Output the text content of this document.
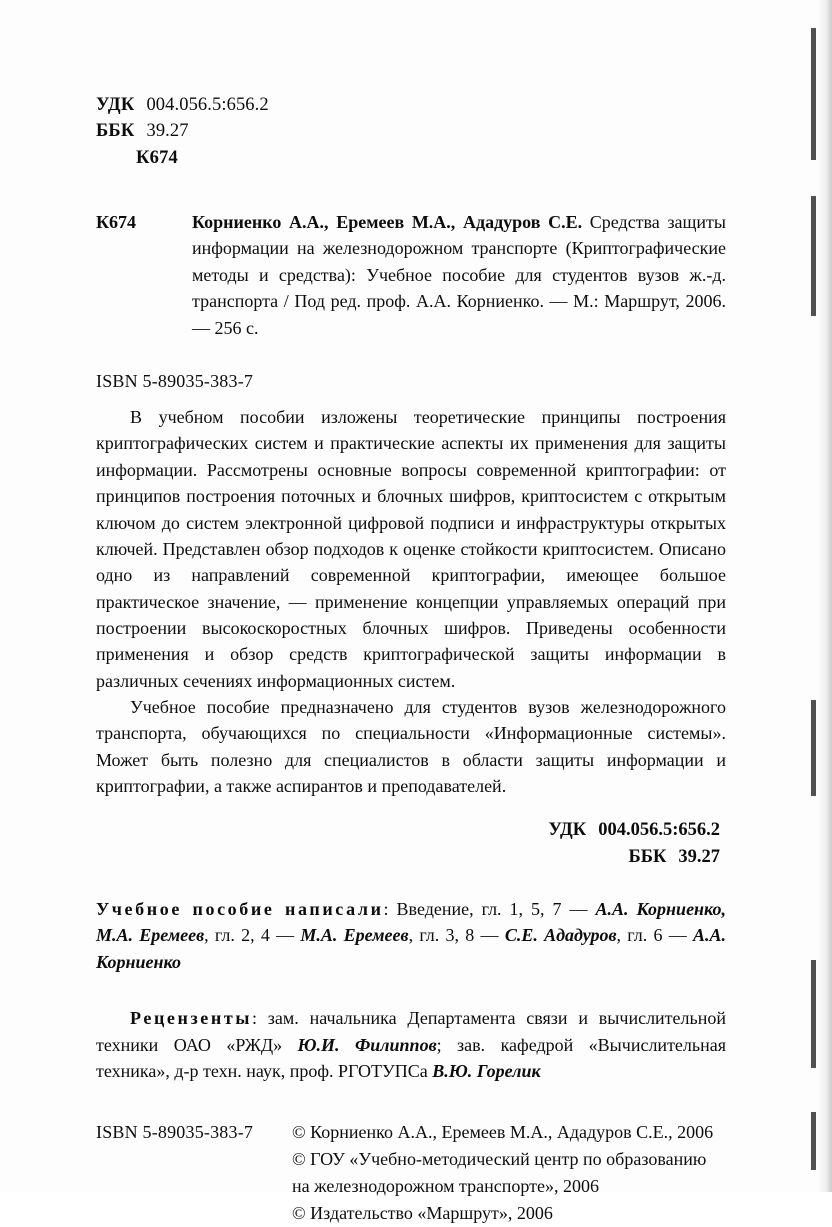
УДК 004.056.5:656.2
ББК 39.27
К674
К674	Корниенко А.А., Еремеев М.А., Ададуров С.Е. Средства защиты информации на железнодорожном транспорте (Криптографические методы и средства): Учебное пособие для студентов вузов ж.-д. транспорта / Под ред. проф. А.А. Корниенко. — М.: Маршрут, 2006. — 256 с.
ISBN 5-89035-383-7

В учебном пособии изложены теоретические принципы построения криптографических систем и практические аспекты их применения для защиты информации. Рассмотрены основные вопросы современной криптографии: от принципов построения поточных и блочных шифров, криптосистем с открытым ключом до систем электронной цифровой подписи и инфраструктуры открытых ключей. Представлен обзор подходов к оценке стойкости криптосистем. Описано одно из направлений современной криптографии, имеющее большое практическое значение, — применение концепции управляемых операций при построении высокоскоростных блочных шифров. Приведены особенности применения и обзор средств криптографической защиты информации в различных сечениях информационных систем.

Учебное пособие предназначено для студентов вузов железнодорожного транспорта, обучающихся по специальности «Информационные системы». Может быть полезно для специалистов в области защиты информации и криптографии, а также аспирантов и преподавателей.

УДК 004.056.5:656.2
ББК 39.27

Учебное пособие написали: Введение, гл. 1, 5, 7 — А.А. Корниенко, М.А. Еремеев, гл. 2, 4 — М.А. Еремеев, гл. 3, 8 — С.Е. Ададуров, гл. 6 — А.А. Корниенко

Рецензенты: зам. начальника Департамента связи и вычислительной техники ОАО «РЖД» Ю.И. Филиппов; зав. кафедрой «Вычислительная техника», д-р техн. наук, проф. РГОТУПСа В.Ю. Горелик

ISBN 5-89035-383-7	© Корниенко А.А., Еремеев М.А., Ададуров С.Е., 2006
© ГОУ «Учебно-методический центр по образованию на железнодорожном транспорте», 2006
© Издательство «Маршрут», 2006
